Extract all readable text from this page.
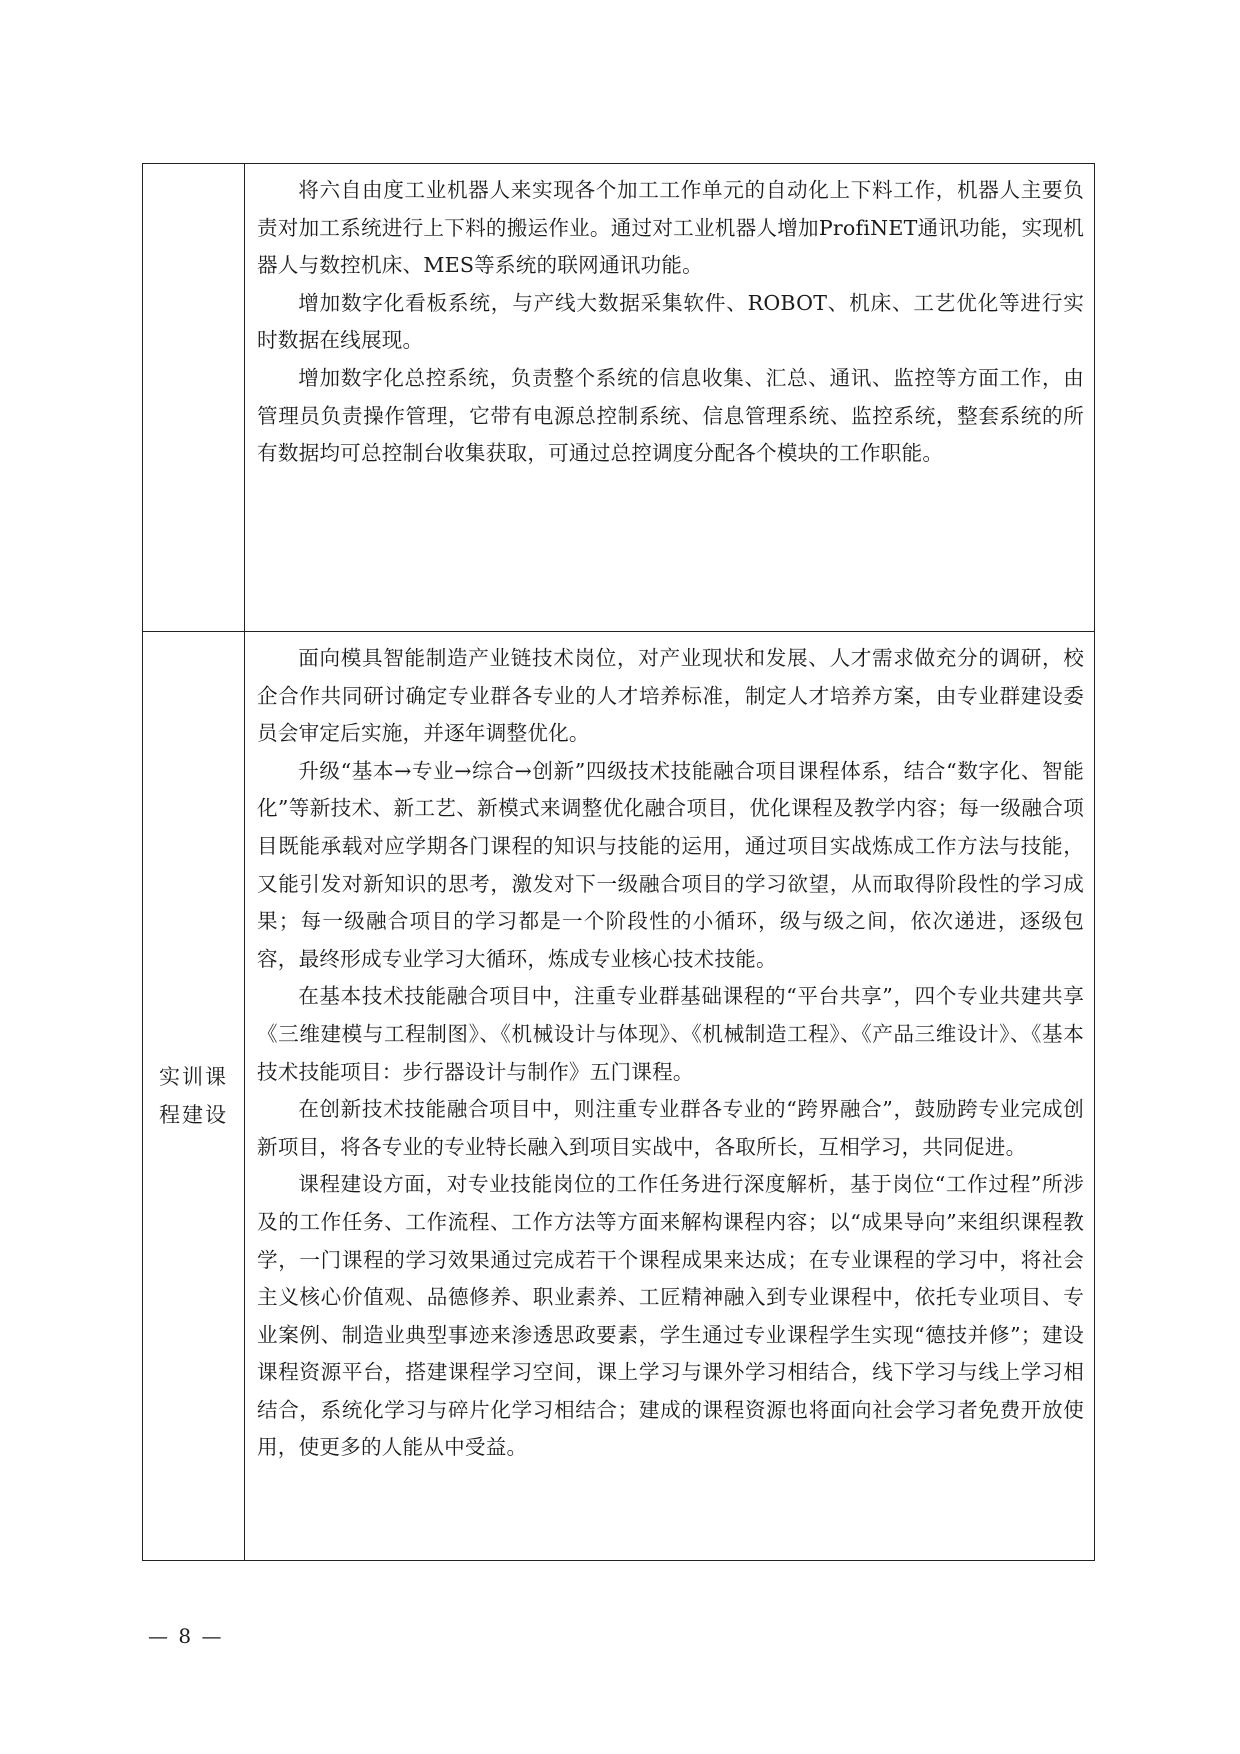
	将六自由度工业机器人来实现各个加工工作单元的自动化上下料工作，机器人主要负责对加工系统进行上下料的搬运作业。通过对工业机器人增加ProfiNET通讯功能，实现机器人与数控机床、MES等系统的联网通讯功能。

增加数字化看板系统，与产线大数据采集软件、ROBOT、机床、工艺优化等进行实时数据在线展现。

增加数字化总控系统，负责整个系统的信息收集、汇总、通讯、监控等方面工作，由管理员负责操作管理，它带有电源总控制系统、信息管理系统、监控系统，整套系统的所有数据均可总控制台收集获取，可通过总控调度分配各个模块的工作职能。

实训课程建设	面向模具智能制造产业链技术岗位，对产业现状和发展、人才需求做充分的调研，校企合作共同研讨确定专业群各专业的人才培养标准，制定人才培养方案，由专业群建设委员会审定后实施，并逐年调整优化。

升级“基本→专业→综合→创新”四级技术技能融合项目课程体系，结合“数字化、智能化”等新技术、新工艺、新模式来调整优化融合项目，优化课程及教学内容；每一级融合项目既能承载对应学期各门课程的知识与技能的运用，通过项目实战炼成工作方法与技能，又能引发对新知识的思考，激发对下一级融合项目的学习欲望，从而取得阶段性的学习成果；每一级融合项目的学习都是一个阶段性的小循环，级与级之间，依次递进，逐级包容，最终形成专业学习大循环，炼成专业核心技术技能。

在基本技术技能融合项目中，注重专业群基础课程的“平台共享”，四个专业共建共享《三维建模与工程制图》、《机械设计与体现》、《机械制造工程》、《产品三维设计》、《基本技术技能项目：步行器设计与制作》五门课程。

在创新技术技能融合项目中，则注重专业群各专业的“跨界融合”，鼓励跨专业完成创新项目，将各专业的专业特长融入到项目实战中，各取所长，互相学习，共同促进。

课程建设方面，对专业技能岗位的工作任务进行深度解析，基于岗位“工作过程”所涉及的工作任务、工作流程、工作方法等方面来解构课程内容；以“成果导向”来组织课程教学，一门课程的学习效果通过完成若干个课程成果来达成；在专业课程的学习中，将社会主义核心价值观、品德修养、职业素养、工匠精神融入到专业课程中，依托专业项目、专业案例、制造业典型事迹来渗透思政要素，学生通过专业课程学生实现“德技并修”；建设课程资源平台，搭建课程学习空间，课上学习与课外学习相结合，线下学习与线上学习相结合，系统化学习与碎片化学习相结合；建成的课程资源也将面向社会学习者免费开放使用，使更多的人能从中受益。

— 8 —
